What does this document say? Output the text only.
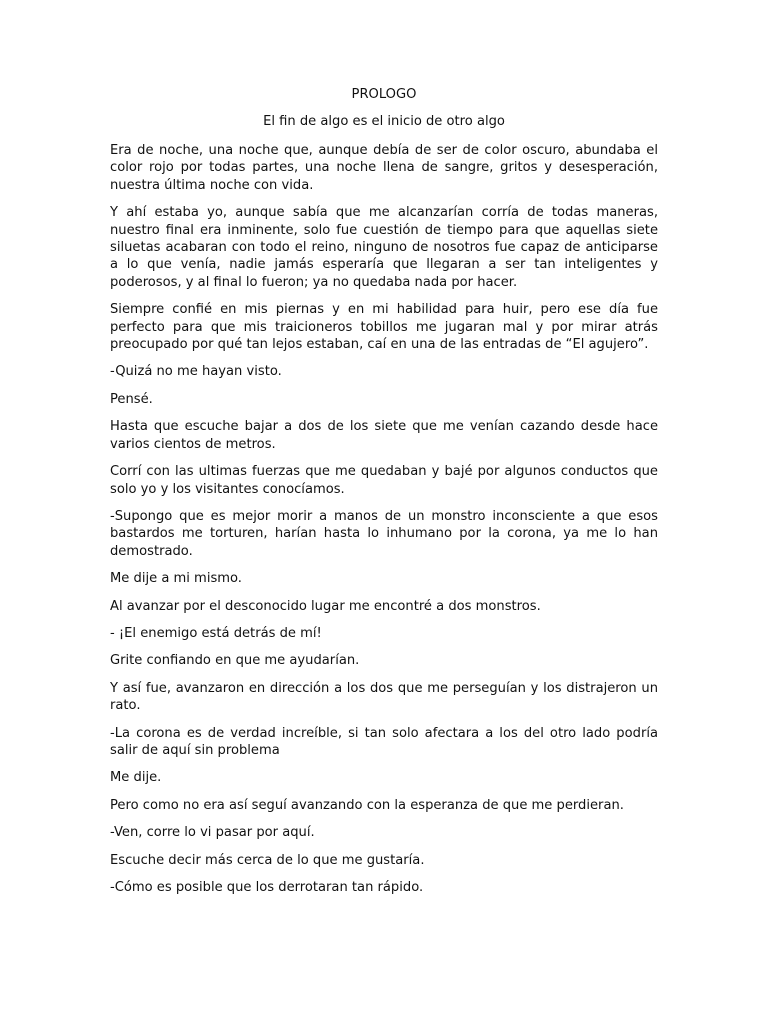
PROLOGO

El fin de algo es el inicio de otro algo

Era de noche, una noche que, aunque debía de ser de color oscuro, abundaba el color rojo por todas partes, una noche llena de sangre, gritos y desesperación, nuestra última noche con vida.

Y ahí estaba yo, aunque sabía que me alcanzarían corría de todas maneras, nuestro final era inminente, solo fue cuestión de tiempo para que aquellas siete siluetas acabaran con todo el reino, ninguno de nosotros fue capaz de anticiparse a lo que venía, nadie jamás esperaría que llegaran a ser tan inteligentes y poderosos, y al final lo fueron; ya no quedaba nada por hacer.

Siempre confié en mis piernas y en mi habilidad para huir, pero ese día fue perfecto para que mis traicioneros tobillos me jugaran mal y por mirar atrás preocupado por qué tan lejos estaban, caí en una de las entradas de “El agujero”.

-Quizá no me hayan visto.

Pensé.

Hasta que escuche bajar a dos de los siete que me venían cazando desde hace varios cientos de metros.

Corrí con las ultimas fuerzas que me quedaban y bajé por algunos conductos que solo yo y los visitantes conocíamos.

-Supongo que es mejor morir a manos de un monstro inconsciente a que esos bastardos me torturen, harían hasta lo inhumano por la corona, ya me lo han demostrado.

Me dije a mi mismo.

Al avanzar por el desconocido lugar me encontré a dos monstros.

- ¡El enemigo está detrás de mí!

Grite confiando en que me ayudarían.

Y así fue, avanzaron en dirección a los dos que me perseguían y los distrajeron un rato.

-La corona es de verdad increíble, si tan solo afectara a los del otro lado podría salir de aquí sin problema

Me dije.

Pero como no era así seguí avanzando con la esperanza de que me perdieran.

-Ven, corre lo vi pasar por aquí.

Escuche decir más cerca de lo que me gustaría.

-Cómo es posible que los derrotaran tan rápido.
